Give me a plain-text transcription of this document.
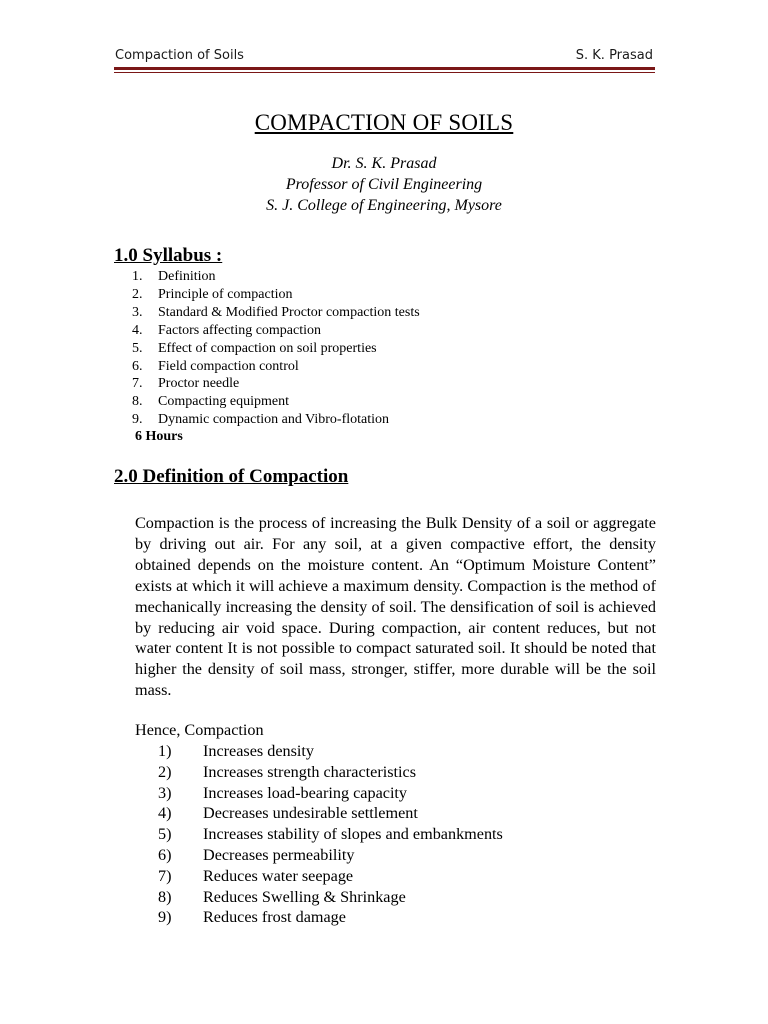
Compaction of Soils	S. K. Prasad
COMPACTION OF SOILS
Dr. S. K. Prasad
Professor of Civil Engineering
S. J. College of Engineering, Mysore
1.0 Syllabus :
1. Definition
2. Principle of compaction
3. Standard & Modified Proctor compaction tests
4. Factors affecting compaction
5. Effect of compaction on soil properties
6. Field compaction control
7. Proctor needle
8. Compacting equipment
9. Dynamic compaction and Vibro-flotation
6 Hours
2.0 Definition of Compaction

Compaction is the process of increasing the Bulk Density of a soil or aggregate by driving out air. For any soil, at a given compactive effort, the density obtained depends on the moisture content. An “Optimum Moisture Content” exists at which it will achieve a maximum density. Compaction is the method of mechanically increasing the density of soil. The densification of soil is achieved by reducing air void space. During compaction, air content reduces, but not water content It is not possible to compact saturated soil. It should be noted that higher the density of soil mass, stronger, stiffer, more durable will be the soil mass.

Hence, Compaction

1) Increases density
2) Increases strength characteristics
3) Increases load-bearing capacity
4) Decreases undesirable settlement
5) Increases stability of slopes and embankments
6) Decreases permeability
7) Reduces water seepage
8) Reduces Swelling & Shrinkage
9) Reduces frost damage
